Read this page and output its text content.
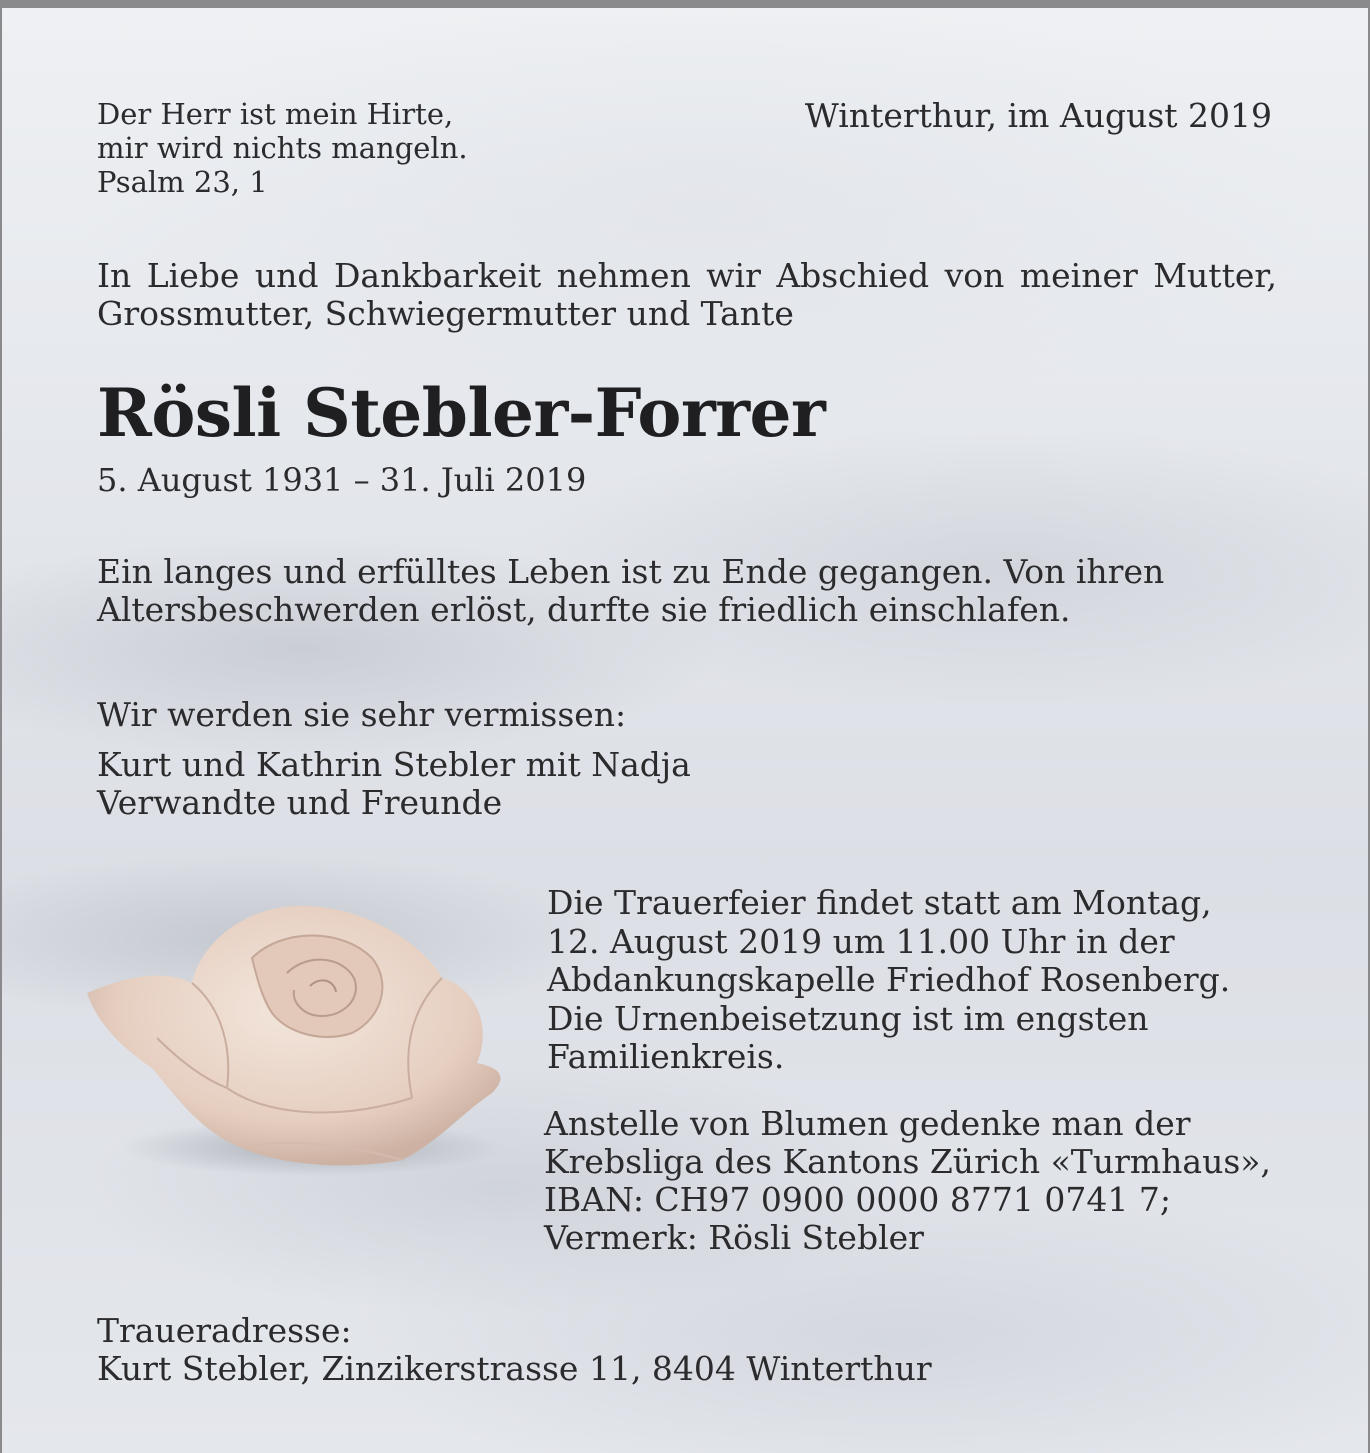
Der Herr ist mein Hirte,
mir wird nichts mangeln.
Psalm 23, 1
Winterthur, im August 2019
In Liebe und Dankbarkeit nehmen wir Abschied von meiner Mutter,
Grossmutter, Schwiegermutter und Tante
Rösli Stebler-Forrer
5. August 1931 – 31. Juli 2019
Ein langes und erfülltes Leben ist zu Ende gegangen. Von ihren
Altersbeschwerden erlöst, durfte sie friedlich einschlafen.
Wir werden sie sehr vermissen:
Kurt und Kathrin Stebler mit Nadja
Verwandte und Freunde
Die Trauerfeier findet statt am Montag,
12. August 2019 um 11.00 Uhr in der
Abdankungskapelle Friedhof Rosenberg.
Die Urnenbeisetzung ist im engsten
Familienkreis.
Anstelle von Blumen gedenke man der
Krebsliga des Kantons Zürich «Turmhaus»,
IBAN: CH97 0900 0000 8771 0741 7;
Vermerk: Rösli Stebler
Traueradresse:
Kurt Stebler, Zinzikerstrasse 11, 8404 Winterthur
